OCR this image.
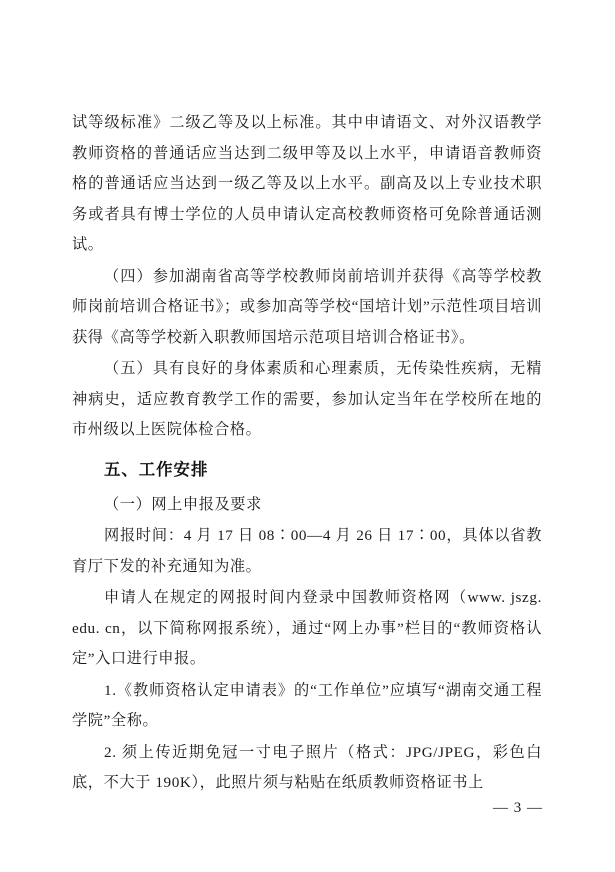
试等级标准》二级乙等及以上标准。其中申请语文、对外汉语教学教师资格的普通话应当达到二级甲等及以上水平，申请语音教师资格的普通话应当达到一级乙等及以上水平。副高及以上专业技术职务或者具有博士学位的人员申请认定高校教师资格可免除普通话测试。

（四）参加湖南省高等学校教师岗前培训并获得《高等学校教师岗前培训合格证书》；或参加高等学校“国培计划”示范性项目培训获得《高等学校新入职教师国培示范项目培训合格证书》。

（五）具有良好的身体素质和心理素质，无传染性疾病，无精神病史，适应教育教学工作的需要，参加认定当年在学校所在地的市州级以上医院体检合格。

五、工作安排

（一）网上申报及要求

网报时间：4 月 17 日 08∶00—4 月 26 日 17∶00，具体以省教育厅下发的补充通知为准。

申请人在规定的网报时间内登录中国教师资格网（www. jszg. edu. cn，以下简称网报系统），通过“网上办事”栏目的“教师资格认定”入口进行申报。

1.《教师资格认定申请表》的“工作单位”应填写“湖南交通工程学院”全称。

2. 须上传近期免冠一寸电子照片（格式：JPG/JPEG，彩色白底，不大于 190K），此照片须与粘贴在纸质教师资格证书上

— 3 —
